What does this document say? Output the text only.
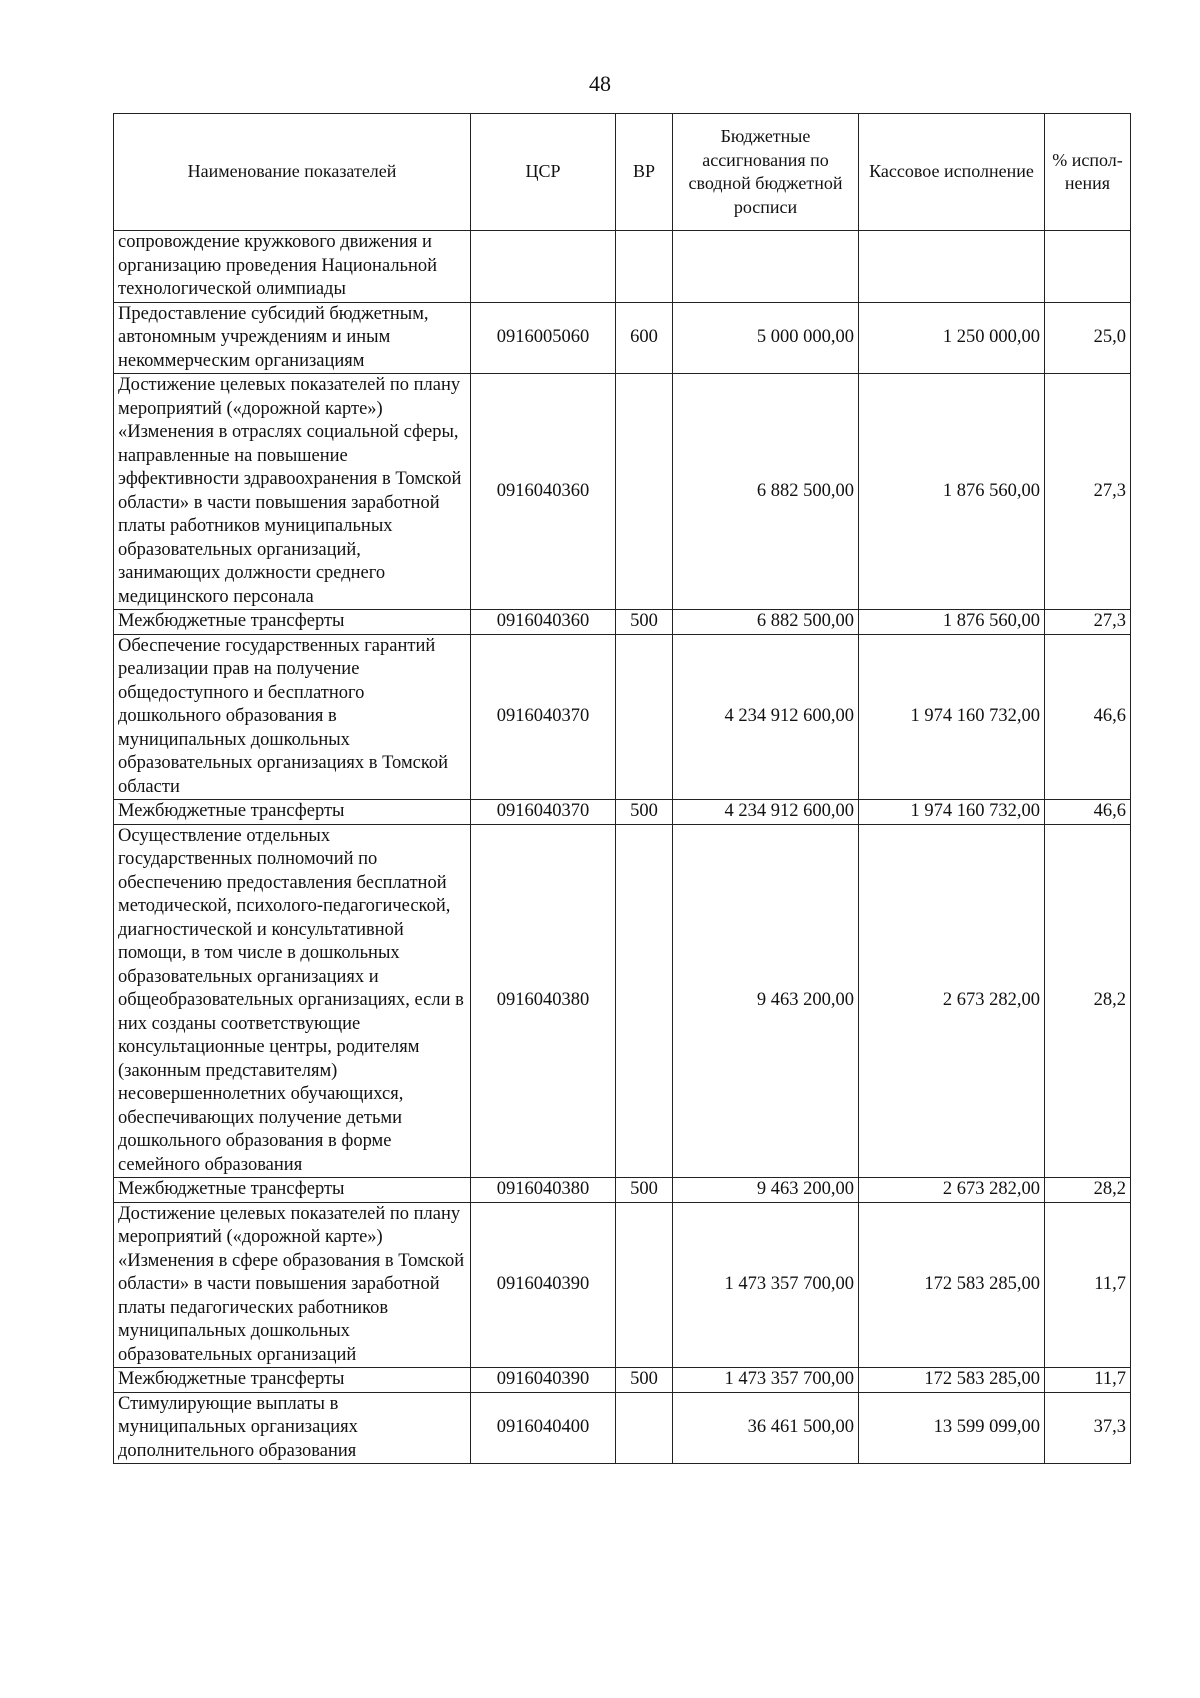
48
Наименование показателей	ЦСР	ВР	Бюджетные ассигнования по сводной бюджетной росписи	Кассовое исполнение	% испол-нения
сопровождение кружкового движения и организацию проведения Национальной технологической олимпиады					
Предоставление субсидий бюджетным, автономным учреждениям и иным некоммерческим организациям	0916005060	600	5 000 000,00	1 250 000,00	25,0
Достижение целевых показателей по плану мероприятий («дорожной карте») «Изменения в отраслях социальной сферы, направленные на повышение эффективности здравоохранения в Томской области» в части повышения заработной платы работников муниципальных образовательных организаций, занимающих должности среднего медицинского персонала	0916040360		6 882 500,00	1 876 560,00	27,3
Межбюджетные трансферты	0916040360	500	6 882 500,00	1 876 560,00	27,3
Обеспечение государственных гарантий реализации прав на получение общедоступного и бесплатного дошкольного образования в муниципальных дошкольных образовательных организациях в Томской области	0916040370		4 234 912 600,00	1 974 160 732,00	46,6
Межбюджетные трансферты	0916040370	500	4 234 912 600,00	1 974 160 732,00	46,6
Осуществление отдельных государственных полномочий по обеспечению предоставления бесплатной методической, психолого-педагогической, диагностической и консультативной помощи, в том числе в дошкольных образовательных организациях и общеобразовательных организациях, если в них созданы соответствующие консультационные центры, родителям (законным представителям) несовершеннолетних обучающихся, обеспечивающих получение детьми дошкольного образования в форме семейного образования	0916040380		9 463 200,00	2 673 282,00	28,2
Межбюджетные трансферты	0916040380	500	9 463 200,00	2 673 282,00	28,2
Достижение целевых показателей по плану мероприятий («дорожной карте») «Изменения в сфере образования в Томской области» в части повышения заработной платы педагогических работников муниципальных дошкольных образовательных организаций	0916040390		1 473 357 700,00	172 583 285,00	11,7
Межбюджетные трансферты	0916040390	500	1 473 357 700,00	172 583 285,00	11,7
Стимулирующие выплаты в муниципальных организациях дополнительного образования	0916040400		36 461 500,00	13 599 099,00	37,3
